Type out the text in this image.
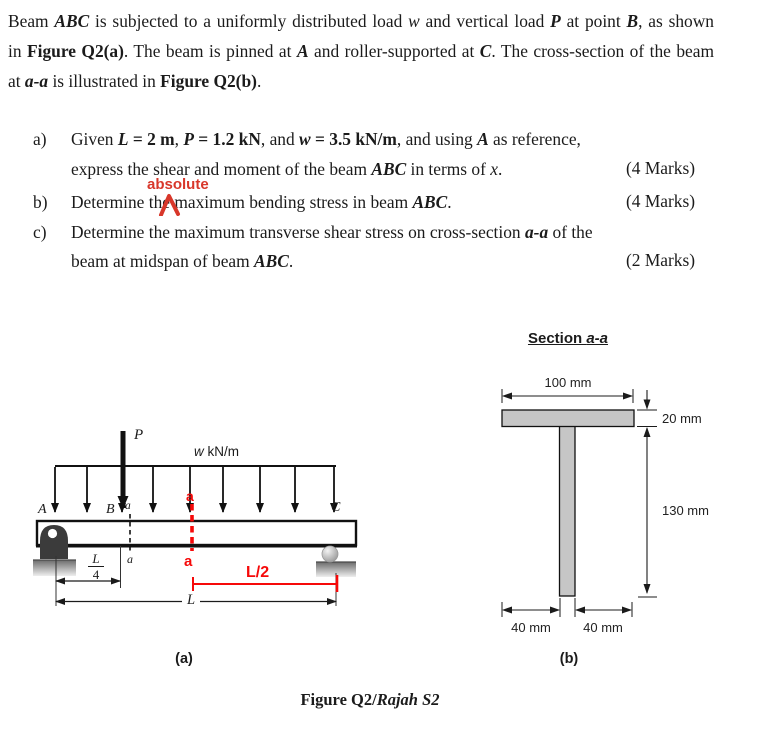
Beam ABC is subjected to a uniformly distributed load w and vertical load P at point B, as shown
in Figure Q2(a). The beam is pinned at A and roller-supported at C. The cross-section of the beam
at a-a is illustrated in Figure Q2(b).
a) Given L = 2 m, P = 1.2 kN, and w = 3.5 kN/m, and using A as reference,
express the shear and moment of the beam ABC in terms of x.	(4 Marks)
absolute
b) Determine the maximum bending stress in beam ABC.	(4 Marks)
c) Determine the maximum transverse shear stress on cross-section a-a of the
beam at midspan of beam ABC.	(2 Marks)
P
w kN/m
A	B	C
a
a
a
a
$\frac{L}{4}$	L/2
L
(a)
Section a-a
100 mm
20 mm
130 mm
40 mm	40 mm
(b)
Figure Q2/Rajah S2
